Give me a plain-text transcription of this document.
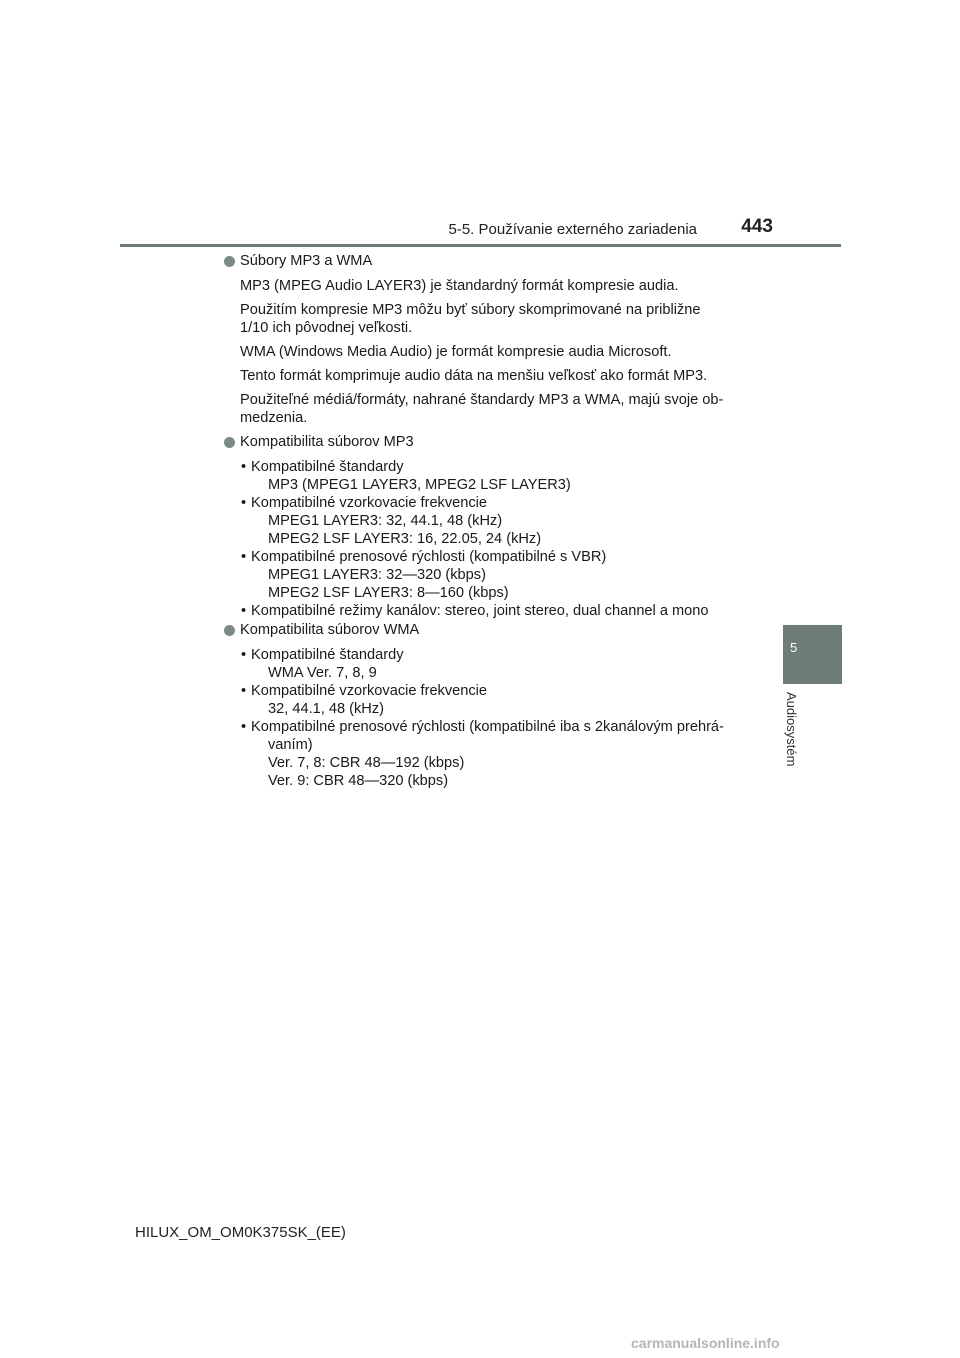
5-5. Používanie externého zariadenia 443
5
Audiosystém
Súbory MP3 a WMA
MP3 (MPEG Audio LAYER3) je štandardný formát kompresie audia.
Použitím kompresie MP3 môžu byť súbory skomprimované na približne
1/10 ich pôvodnej veľkosti.
WMA (Windows Media Audio) je formát kompresie audia Microsoft.
Tento formát komprimuje audio dáta na menšiu veľkosť ako formát MP3.
Použiteľné médiá/formáty, nahrané štandardy MP3 a WMA, majú svoje ob-
medzenia.
Kompatibilita súborov MP3
• Kompatibilné štandardy
MP3 (MPEG1 LAYER3, MPEG2 LSF LAYER3)
• Kompatibilné vzorkovacie frekvencie
MPEG1 LAYER3: 32, 44.1, 48 (kHz)
MPEG2 LSF LAYER3: 16, 22.05, 24 (kHz)
• Kompatibilné prenosové rýchlosti (kompatibilné s VBR)
MPEG1 LAYER3: 32—320 (kbps)
MPEG2 LSF LAYER3: 8—160 (kbps)
• Kompatibilné režimy kanálov: stereo, joint stereo, dual channel a mono
Kompatibilita súborov WMA
• Kompatibilné štandardy
WMA Ver. 7, 8, 9
• Kompatibilné vzorkovacie frekvencie
32, 44.1, 48 (kHz)
• Kompatibilné prenosové rýchlosti (kompatibilné iba s 2kanálovým prehrá-
vaním)
Ver. 7, 8: CBR 48—192 (kbps)
Ver. 9: CBR 48—320 (kbps)
HILUX_OM_OM0K375SK_(EE)
carmanualsonline.info
